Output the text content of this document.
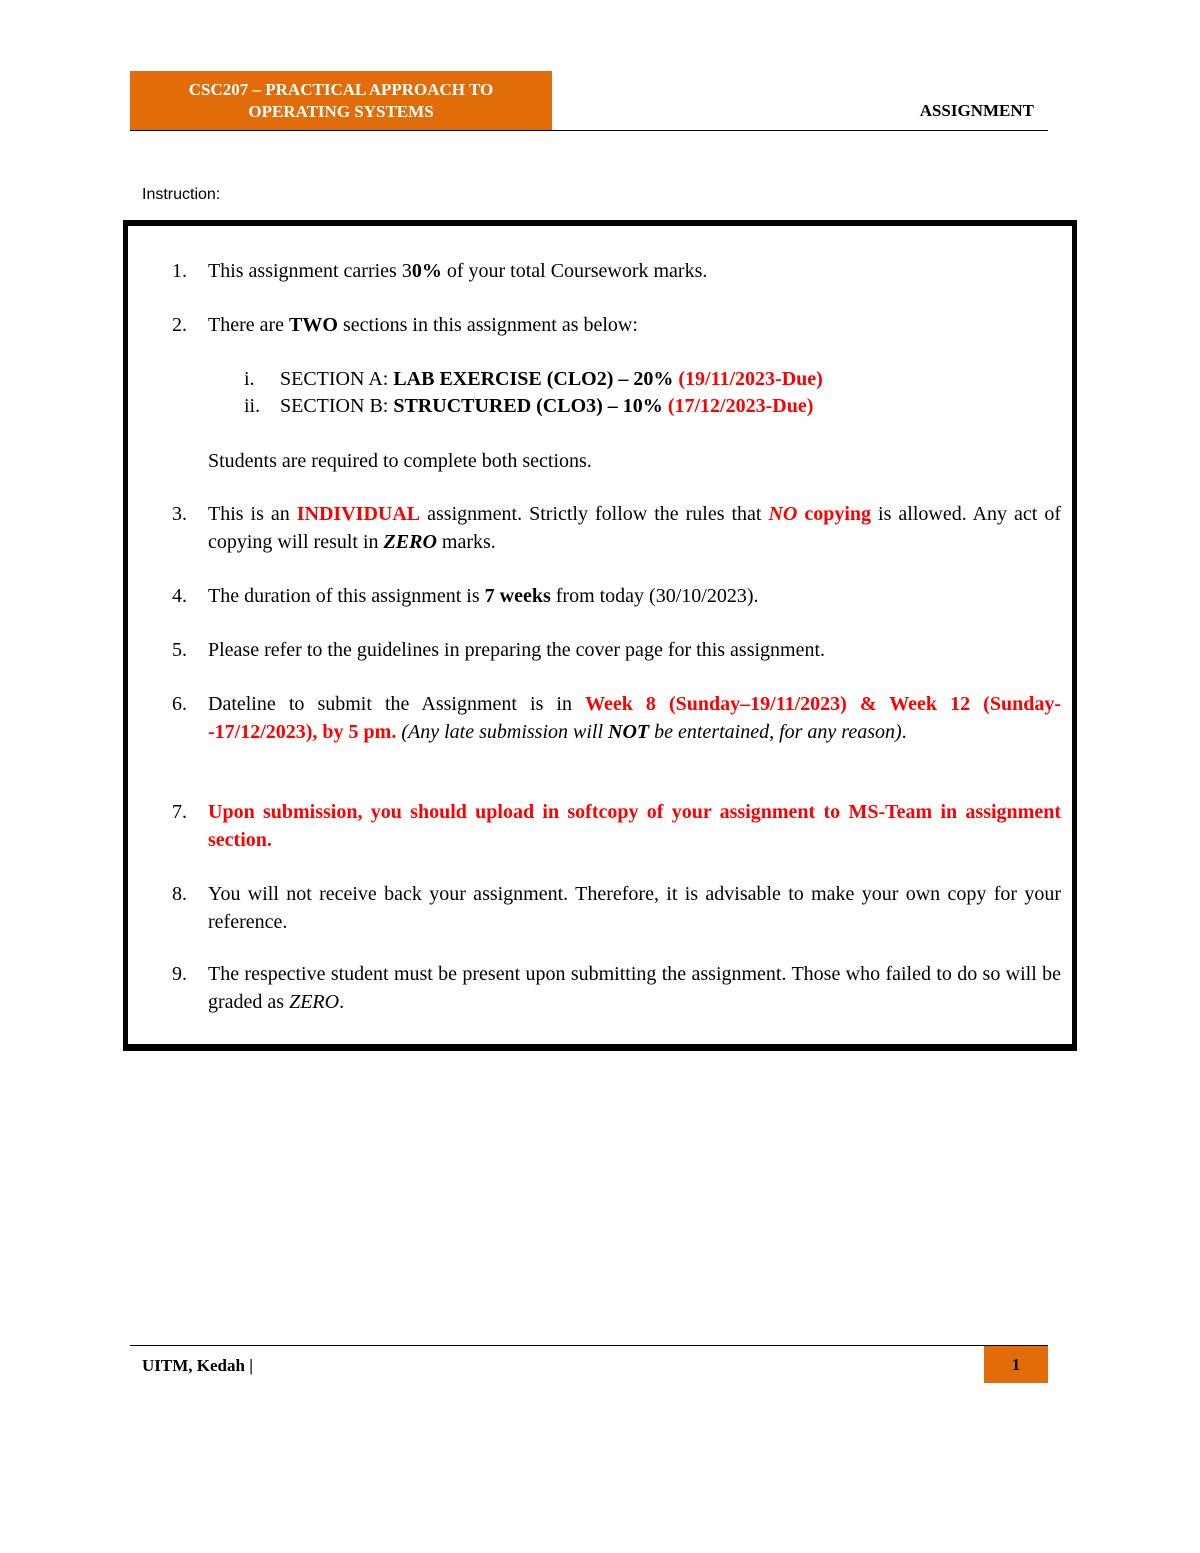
CSC207 – PRACTICAL APPROACH TO
OPERATING SYSTEMS	ASSIGNMENT
Instruction:
1. This assignment carries 30% of your total Coursework marks.
2. There are TWO sections in this assignment as below:
i. SECTION A: LAB EXERCISE (CLO2) – 20% (19/11/2023-Due)
ii. SECTION B: STRUCTURED (CLO3) – 10% (17/12/2023-Due)
Students are required to complete both sections.
3. This is an INDIVIDUAL assignment. Strictly follow the rules that NO copying is allowed. Any act of copying will result in ZERO marks.
4. The duration of this assignment is 7 weeks from today (30/10/2023).
5. Please refer to the guidelines in preparing the cover page for this assignment.
6. Dateline to submit the Assignment is in Week 8 (Sunday–19/11/2023) & Week 12 (Sunday--17/12/2023), by 5 pm. (Any late submission will NOT be entertained, for any reason).
7. Upon submission, you should upload in softcopy of your assignment to MS-Team in assignment section.
8. You will not receive back your assignment. Therefore, it is advisable to make your own copy for your reference.
9. The respective student must be present upon submitting the assignment. Those who failed to do so will be graded as ZERO.
UITM, Kedah |	1
